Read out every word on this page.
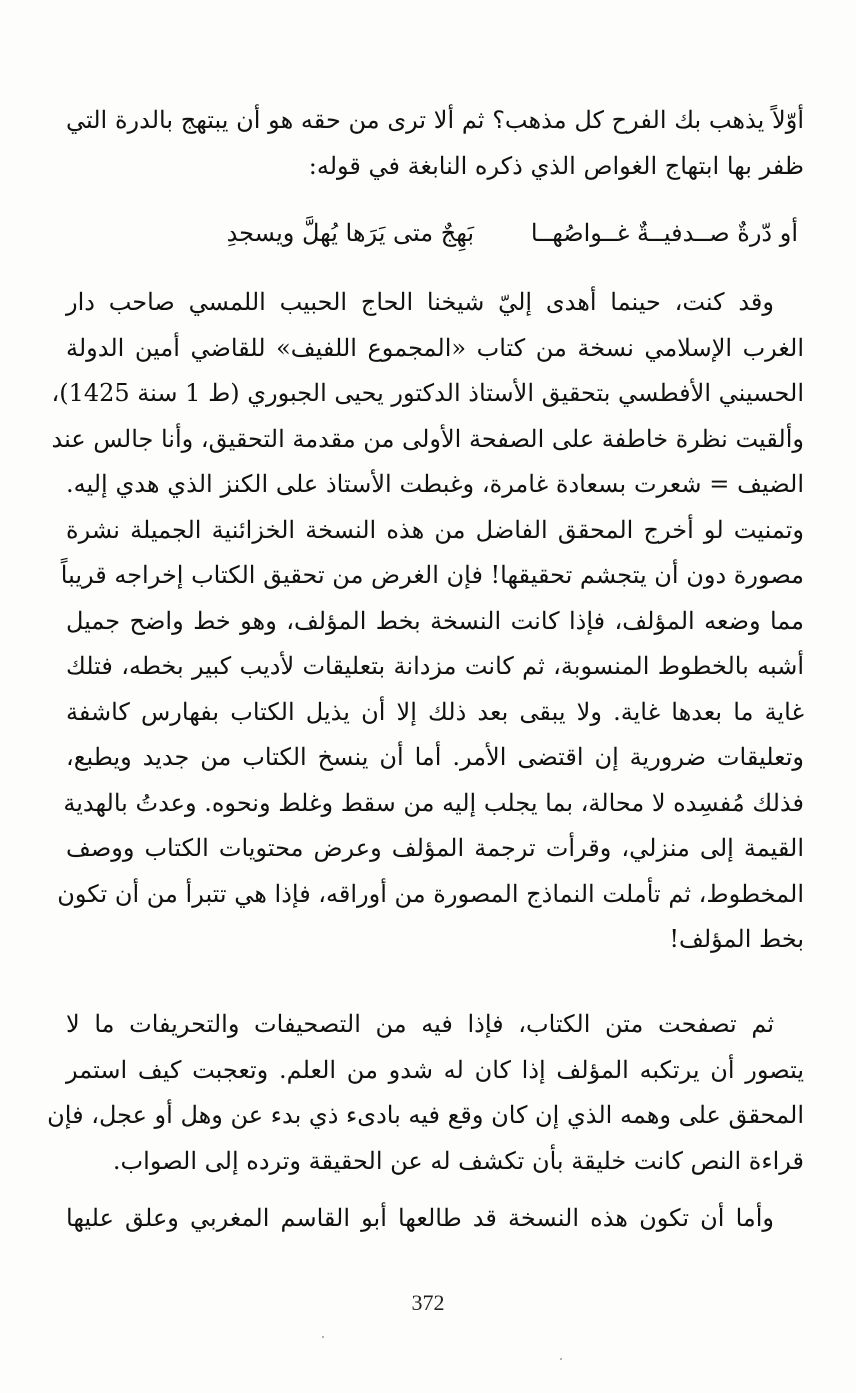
أوّلاً يذهب بك الفرح كل مذهب؟ ثم ألا ترى من حقه هو أن يبتهج بالدرة التي
ظفر بها ابتهاج الغواص الذي ذكره النابغة في قوله:
أو دّرةٌ صــدفيــةٌ غــواصُهــا
بَهِجٌ متى يَرَها يُهلَّ ويسجدِ
وقد كنت، حينما أهدى إليّ شيخنا الحاج الحبيب اللمسي صاحب دار
الغرب الإسلامي نسخة من كتاب «المجموع اللفيف» للقاضي أمين الدولة
الحسيني الأفطسي بتحقيق الأستاذ الدكتور يحيى الجبوري (ط 1 سنة 1425)،
وألقيت نظرة خاطفة على الصفحة الأولى من مقدمة التحقيق، وأنا جالس عند
الضيف = شعرت بسعادة غامرة، وغبطت الأستاذ على الكنز الذي هدي إليه.
وتمنيت لو أخرج المحقق الفاضل من هذه النسخة الخزائنية الجميلة نشرة
مصورة دون أن يتجشم تحقيقها! فإن الغرض من تحقيق الكتاب إخراجه قريباً
مما وضعه المؤلف، فإذا كانت النسخة بخط المؤلف، وهو خط واضح جميل
أشبه بالخطوط المنسوبة، ثم كانت مزدانة بتعليقات لأديب كبير بخطه، فتلك
غاية ما بعدها غاية. ولا يبقى بعد ذلك إلا أن يذيل الكتاب بفهارس كاشفة
وتعليقات ضرورية إن اقتضى الأمر. أما أن ينسخ الكتاب من جديد ويطبع،
فذلك مُفسِده لا محالة، بما يجلب إليه من سقط وغلط ونحوه. وعدتُ بالهدية
القيمة إلى منزلي، وقرأت ترجمة المؤلف وعرض محتويات الكتاب ووصف
المخطوط، ثم تأملت النماذج المصورة من أوراقه، فإذا هي تتبرأ من أن تكون
بخط المؤلف!
ثم تصفحت متن الكتاب، فإذا فيه من التصحيفات والتحريفات ما لا
يتصور أن يرتكبه المؤلف إذا كان له شدو من العلم. وتعجبت كيف استمر
المحقق على وهمه الذي إن كان وقع فيه بادىء ذي بدء عن وهل أو عجل، فإن
قراءة النص كانت خليقة بأن تكشف له عن الحقيقة وترده إلى الصواب.
وأما أن تكون هذه النسخة قد طالعها أبو القاسم المغربي وعلق عليها
372
